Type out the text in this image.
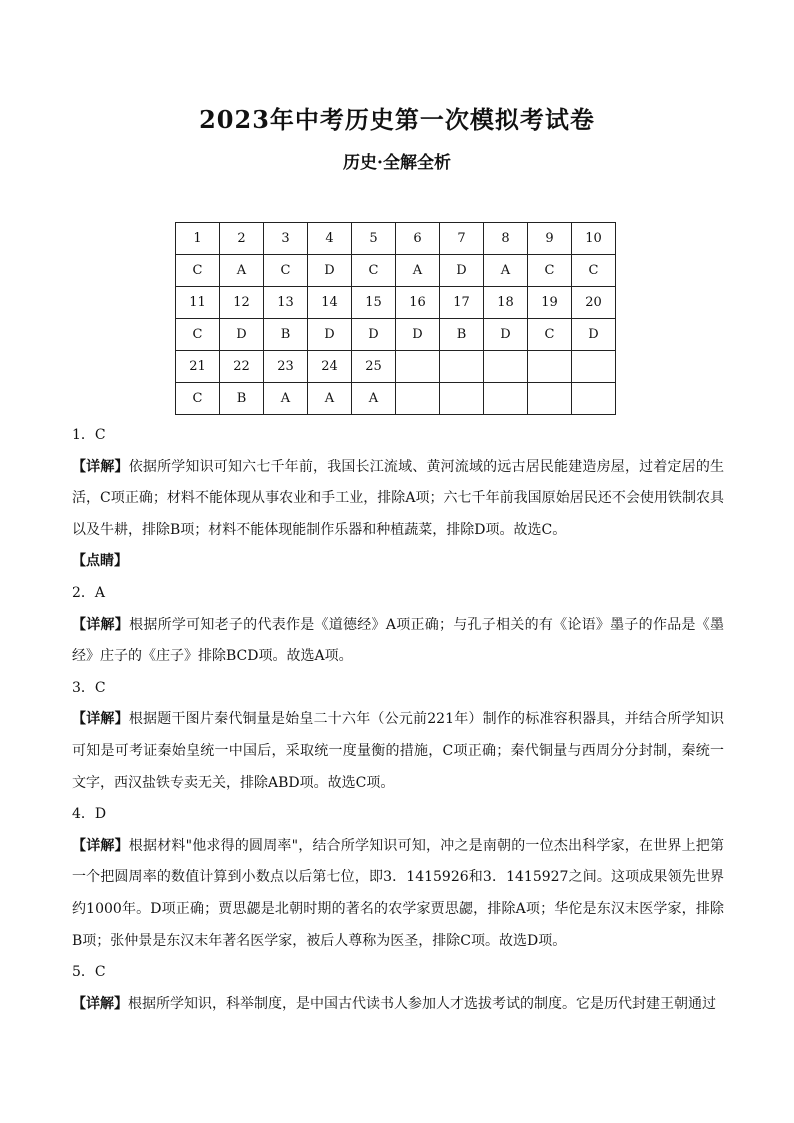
2023年中考历史第一次模拟考试卷
历史·全解全析
1	2	3	4	5	6	7	8	9	10
C	A	C	D	C	A	D	A	C	C
11	12	13	14	15	16	17	18	19	20
C	D	B	D	D	D	B	D	C	D
21	22	23	24	25					
C	B	A	A	A					

1．C

【详解】依据所学知识可知六七千年前，我国长江流域、黄河流域的远古居民能建造房屋，过着定居的生活，C项正确；材料不能体现从事农业和手工业，排除A项；六七千年前我国原始居民还不会使用铁制农具以及牛耕，排除B项；材料不能体现能制作乐器和种植蔬菜，排除D项。故选C。

【点睛】

2．A

【详解】根据所学可知老子的代表作是《道德经》A项正确；与孔子相关的有《论语》墨子的作品是《墨经》庄子的《庄子》排除BCD项。故选A项。

3．C

【详解】根据题干图片秦代铜量是始皇二十六年（公元前221年）制作的标准容积器具，并结合所学知识可知是可考证秦始皇统一中国后，采取统一度量衡的措施，C项正确；秦代铜量与西周分分封制，秦统一文字，西汉盐铁专卖无关，排除ABD项。故选C项。

4．D

【详解】根据材料"他求得的圆周率"，结合所学知识可知，冲之是南朝的一位杰出科学家，在世界上把第一个把圆周率的数值计算到小数点以后第七位，即3．1415926和3．1415927之间。这项成果领先世界约1000年。D项正确；贾思勰是北朝时期的著名的农学家贾思勰，排除A项；华佗是东汉末医学家，排除B项；张仲景是东汉末年著名医学家，被后人尊称为医圣，排除C项。故选D项。

5．C

【详解】根据所学知识，科举制度，是中国古代读书人参加人才选拔考试的制度。它是历代封建王朝通过
